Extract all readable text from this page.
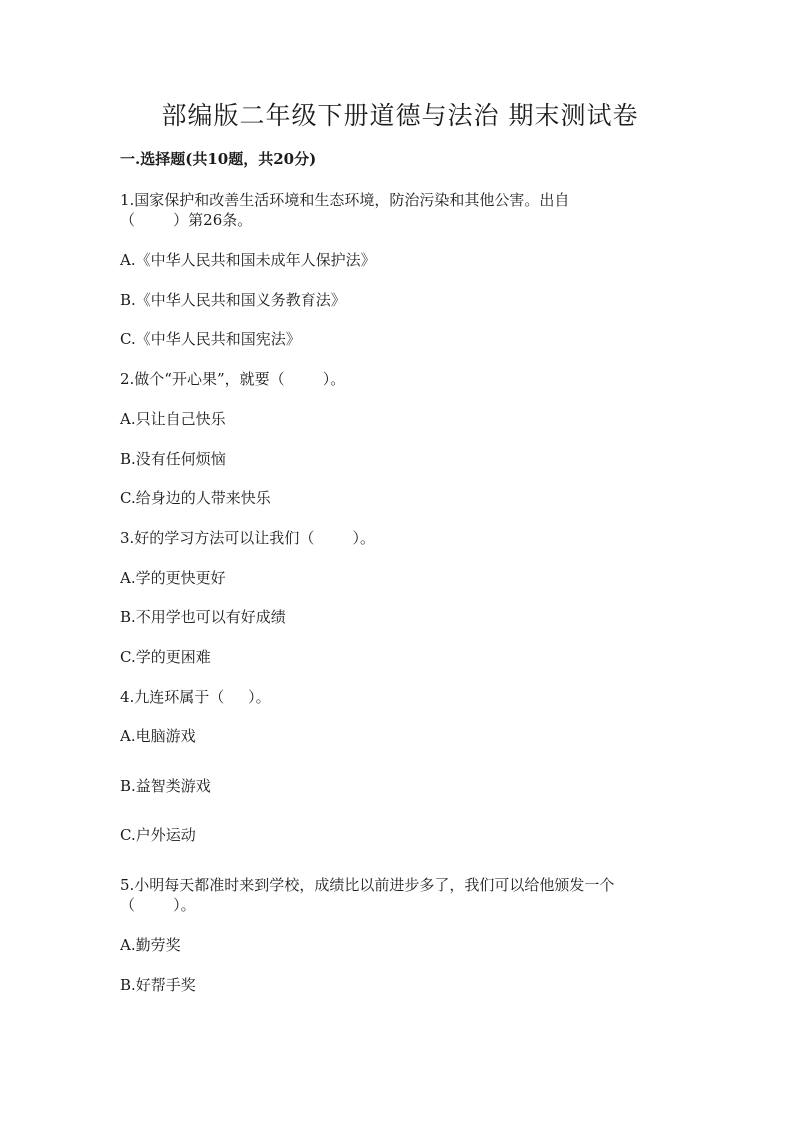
部编版二年级下册道德与法治 期末测试卷
一.选择题(共10题，共20分)

1.国家保护和改善生活环境和生态环境，防治污染和其他公害。出自

（        ）第26条。

A.《中华人民共和国未成年人保护法》

B.《中华人民共和国义务教育法》

C.《中华人民共和国宪法》

2.做个“开心果”，就要（        ）。

A.只让自己快乐

B.没有任何烦恼

C.给身边的人带来快乐

3.好的学习方法可以让我们（        ）。

A.学的更快更好

B.不用学也可以有好成绩

C.学的更困难

4.九连环属于（     ）。

A.电脑游戏

B.益智类游戏

C.户外运动

5.小明每天都准时来到学校，成绩比以前进步多了，我们可以给他颁发一个

（        ）。

A.勤劳奖

B.好帮手奖
